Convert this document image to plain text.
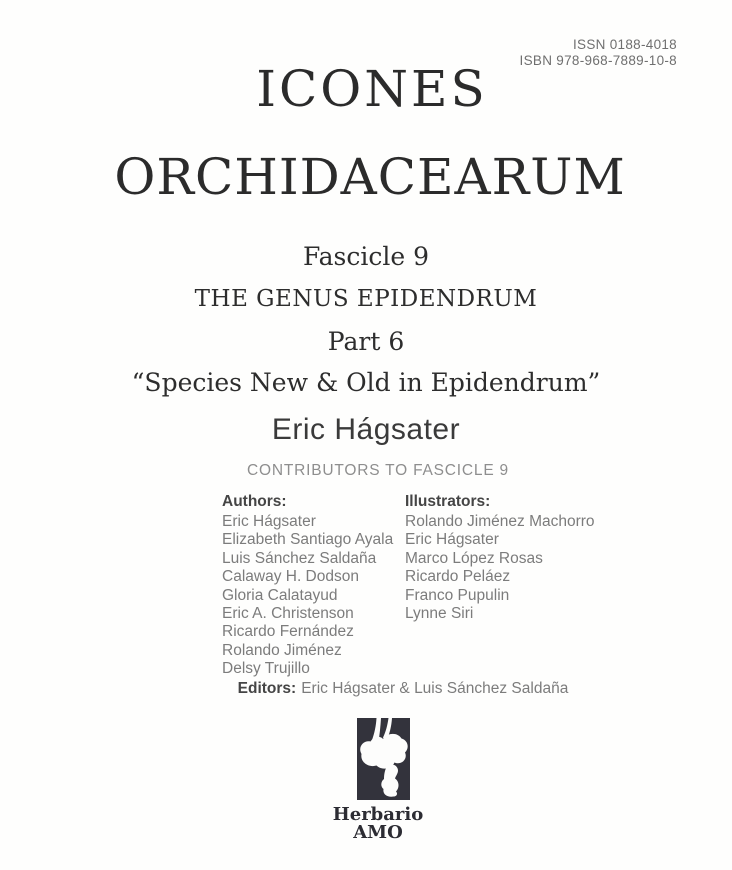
ISSN 0188-4018
ISBN 978-968-7889-10-8
ICONES
ORCHIDACEARUM
Fascicle 9
THE GENUS EPIDENDRUM
Part 6
“Species New & Old in Epidendrum”
Eric Hágsater
CONTRIBUTORS TO FASCICLE 9
Authors:
Eric Hágsater
Elizabeth Santiago Ayala
Luis Sánchez Saldaña
Calaway H. Dodson
Gloria Calatayud
Eric A. Christenson
Ricardo Fernández
Rolando Jiménez
Delsy Trujillo
Illustrators:
Rolando Jiménez Machorro
Eric Hágsater
Marco López Rosas
Ricardo Peláez
Franco Pupulin
Lynne Siri
Editors: Eric Hágsater & Luis Sánchez Saldaña
Herbario
AMO
